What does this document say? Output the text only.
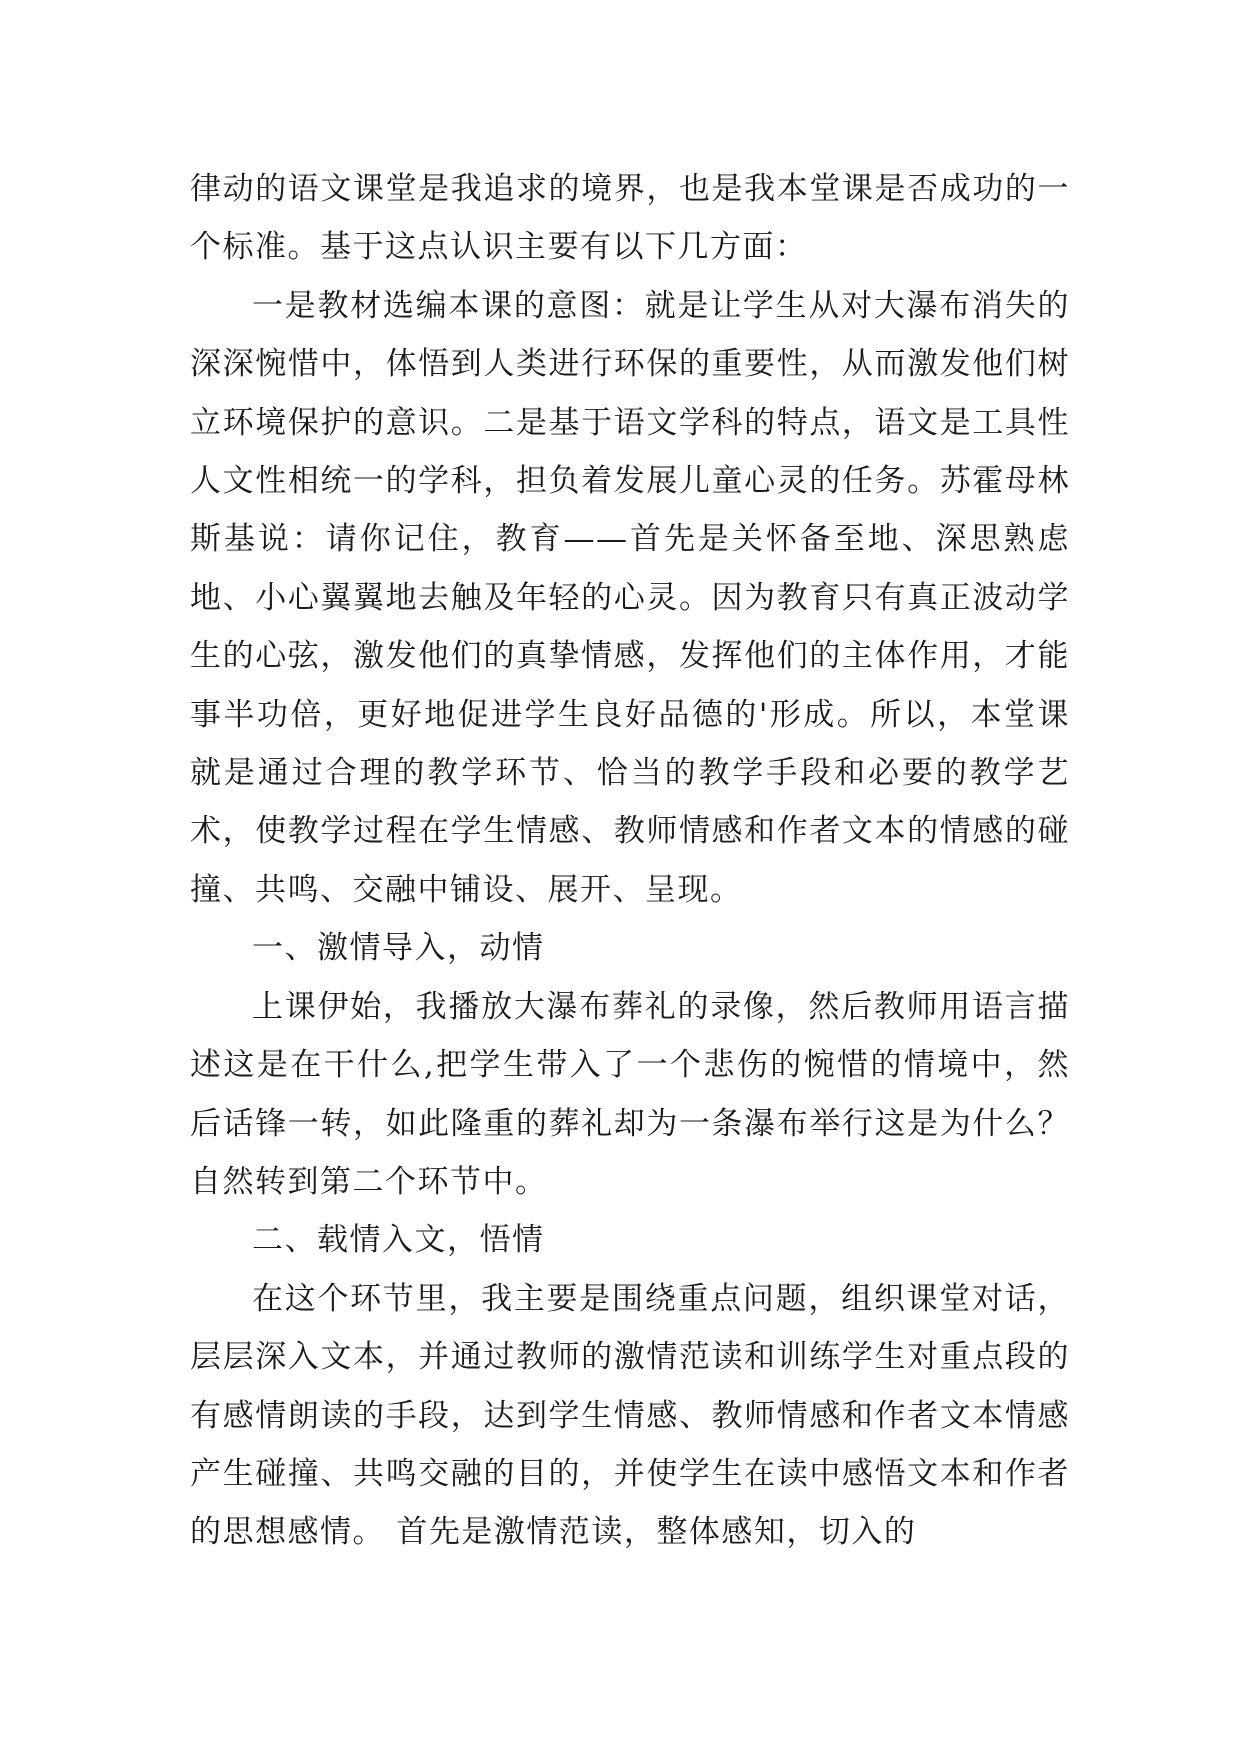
律动的语文课堂是我追求的境界，也是我本堂课是否成功的一个标准。基于这点认识主要有以下几方面：

一是教材选编本课的意图：就是让学生从对大瀑布消失的深深惋惜中，体悟到人类进行环保的重要性，从而激发他们树立环境保护的意识。二是基于语文学科的特点，语文是工具性人文性相统一的学科，担负着发展儿童心灵的任务。苏霍母林斯基说：请你记住，教育——首先是关怀备至地、深思熟虑地、小心翼翼地去触及年轻的心灵。因为教育只有真正波动学生的心弦，激发他们的真挚情感，发挥他们的主体作用，才能事半功倍，更好地促进学生良好品德的'形成。所以，本堂课就是通过合理的教学环节、恰当的教学手段和必要的教学艺术，使教学过程在学生情感、教师情感和作者文本的情感的碰撞、共鸣、交融中铺设、展开、呈现。

一、激情导入，动情

上课伊始，我播放大瀑布葬礼的录像，然后教师用语言描述这是在干什么,把学生带入了一个悲伤的惋惜的情境中，然后话锋一转，如此隆重的葬礼却为一条瀑布举行这是为什么？自然转到第二个环节中。

二、载情入文，悟情

在这个环节里，我主要是围绕重点问题，组织课堂对话，层层深入文本，并通过教师的激情范读和训练学生对重点段的有感情朗读的手段，达到学生情感、教师情感和作者文本情感产生碰撞、共鸣交融的目的，并使学生在读中感悟文本和作者的思想感情。 首先是激情范读，整体感知，切入的
